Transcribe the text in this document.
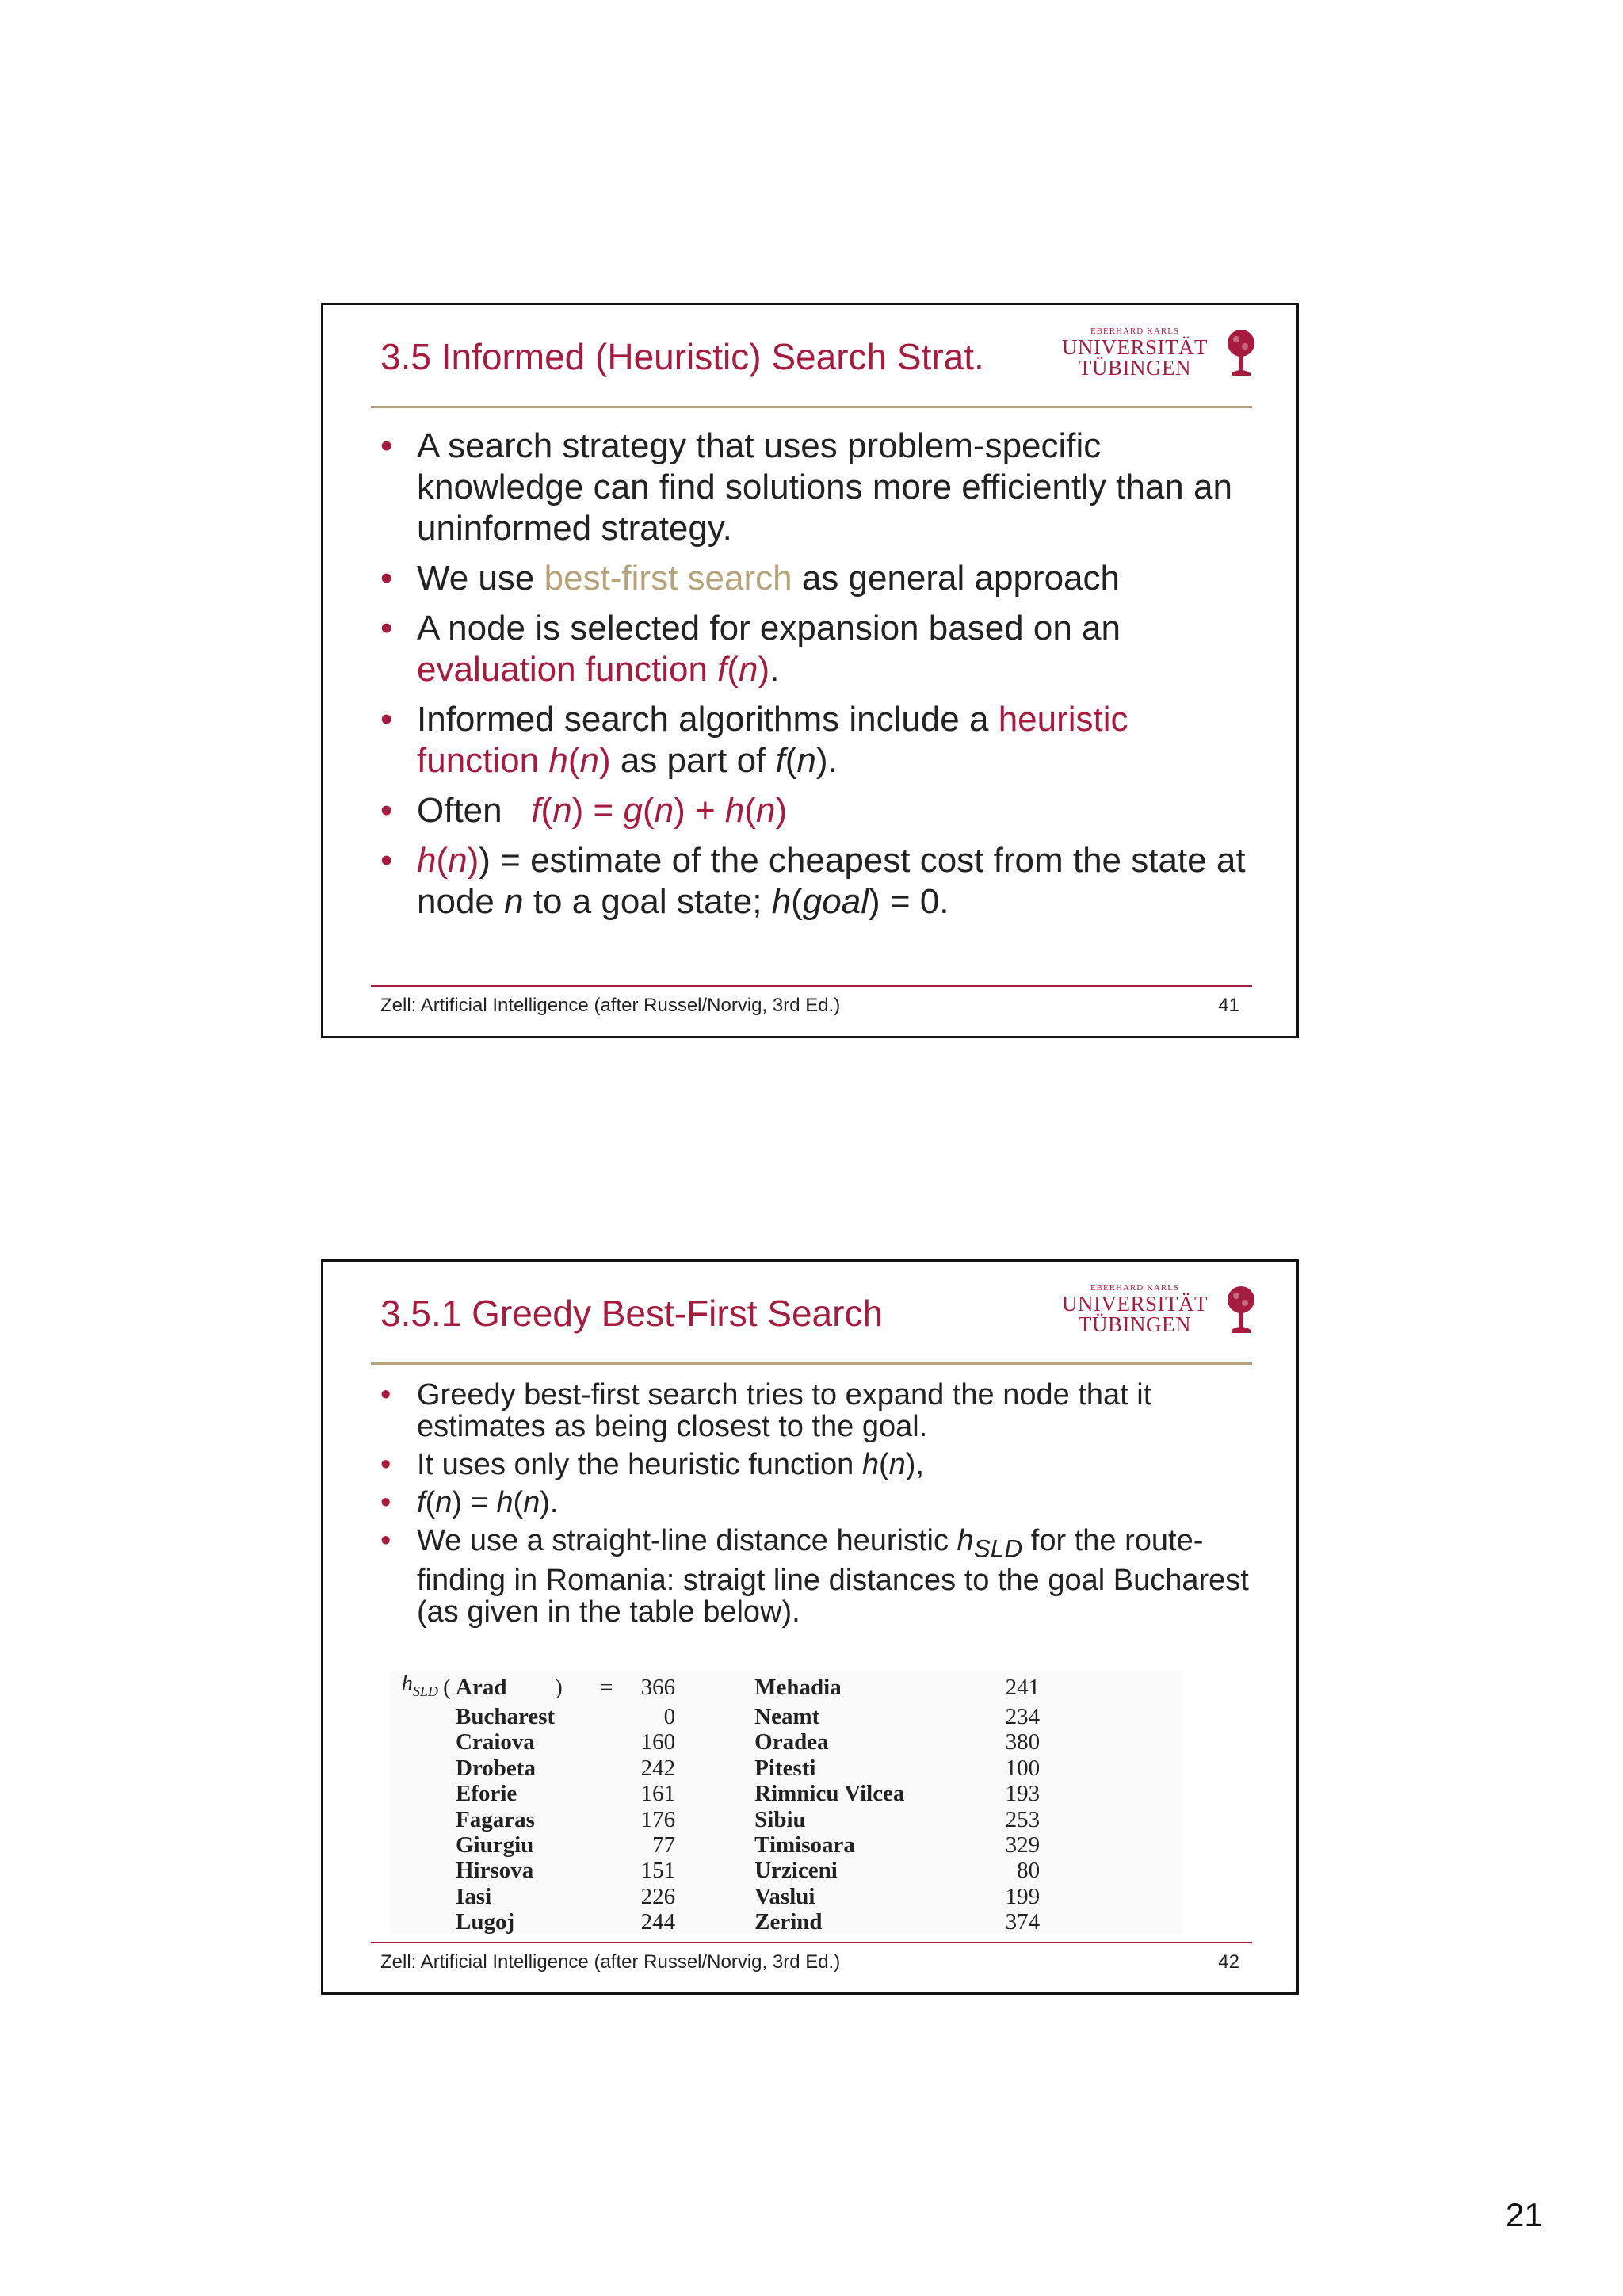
3.5 Informed (Heuristic) Search Strat.
EBERHARD KARLS
UNIVERSITÄT
TÜBINGEN
• A search strategy that uses problem-specific knowledge can find solutions more efficiently than an uninformed strategy.
• We use best-first search as general approach
• A node is selected for expansion based on an evaluation function f(n).
• Informed search algorithms include a heuristic function h(n) as part of f(n).
• Often   f(n) = g(n) + h(n)
• h(n)) = estimate of the cheapest cost from the state at node n to a goal state; h(goal) = 0.
Zell: Artificial Intelligence (after Russel/Norvig, 3rd Ed.)	41
3.5.1 Greedy Best-First Search
EBERHARD KARLS
UNIVERSITÄT
TÜBINGEN
• Greedy best-first search tries to expand the node that it estimates as being closest to the goal.
• It uses only the heuristic function h(n),
• f(n) = h(n).
• We use a straight-line distance heuristic $h_{SLD}$ for the route-finding in Romania: straigt line distances to the goal Bucharest (as given in the table below).
$h_{SLD}$	(	Arad	)	=	366		Mehadia	241
		Bucharest			0		Neamt	234
		Craiova			160		Oradea	380
		Drobeta			242		Pitesti	100
		Eforie			161		Rimnicu Vilcea	193
		Fagaras			176		Sibiu	253
		Giurgiu			77		Timisoara	329
		Hirsova			151		Urziceni	80
		Iasi			226		Vaslui	199
		Lugoj			244		Zerind	374
Zell: Artificial Intelligence (after Russel/Norvig, 3rd Ed.)	42
21
